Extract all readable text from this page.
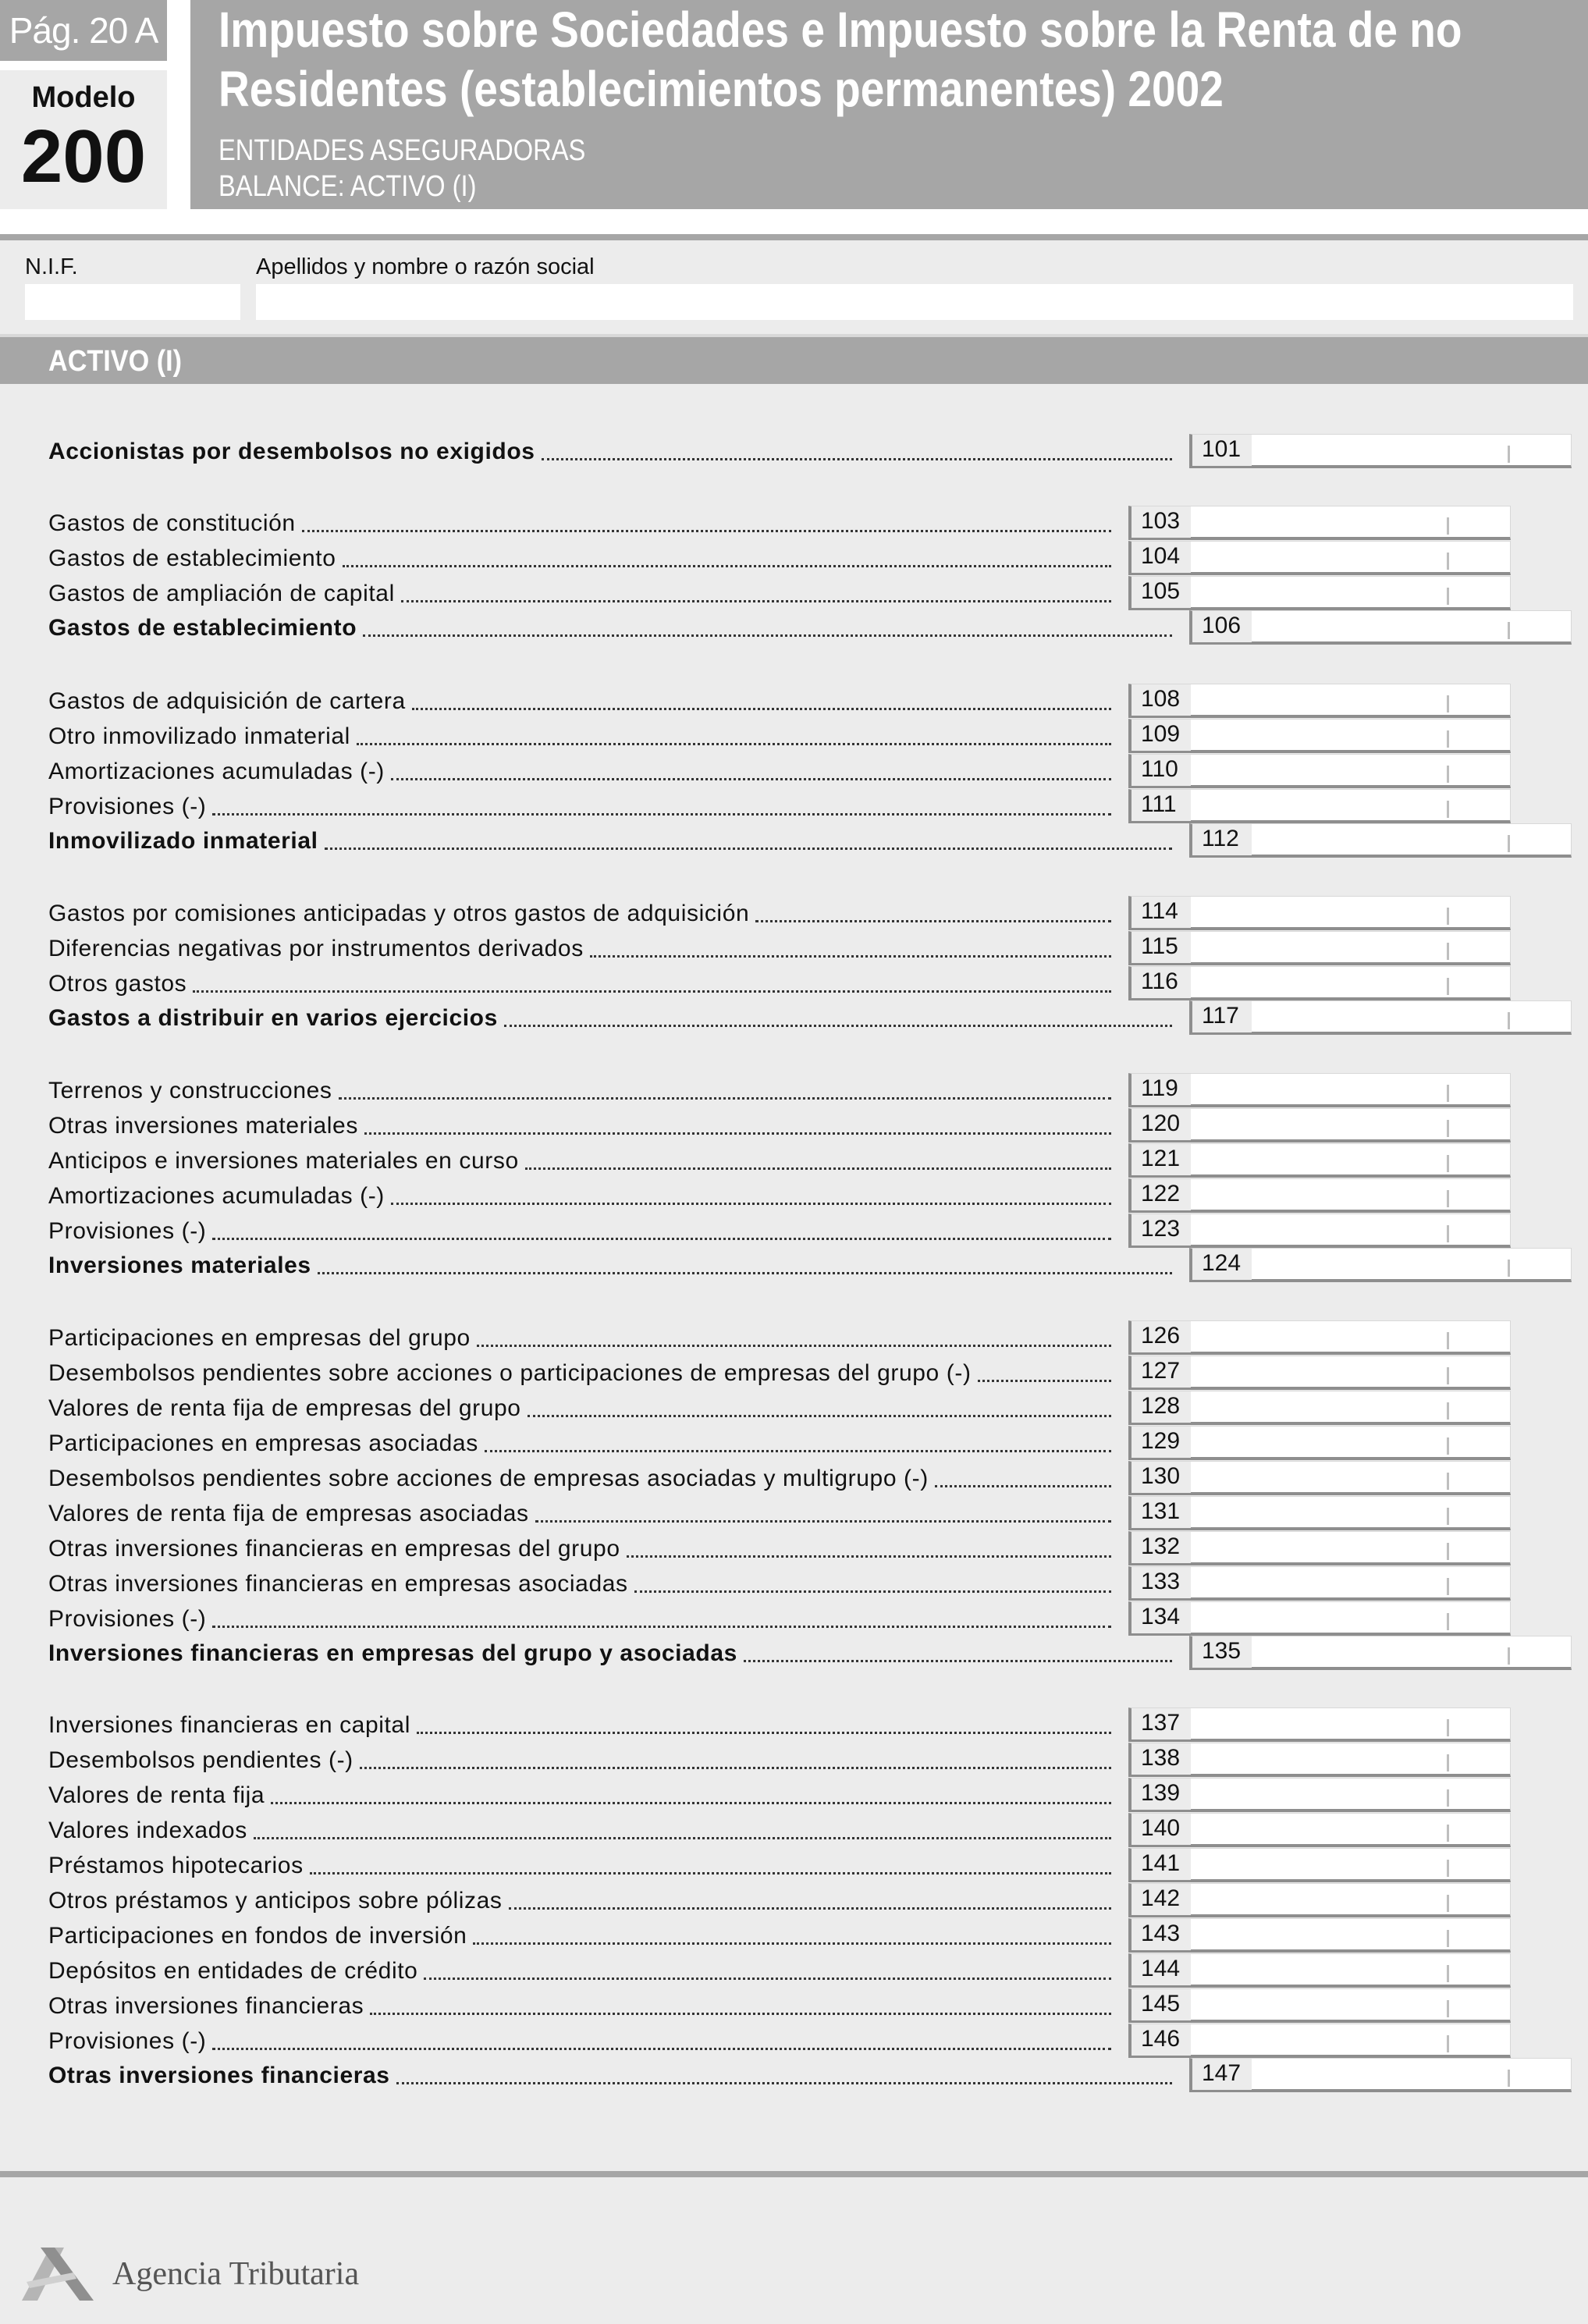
Pág. 20 A
Modelo
200
Impuesto sobre Sociedades e Impuesto sobre la Renta de no
Residentes (establecimientos permanentes) 2002
ENTIDADES ASEGURADORAS
BALANCE: ACTIVO (I)
N.I.F.	Apellidos y nombre o razón social
ACTIVO (I)
Accionistas por desembolsos no exigidos	101
Gastos de constitución	103
Gastos de establecimiento	104
Gastos de ampliación de capital	105
Gastos de establecimiento	106
Gastos de adquisición de cartera	108
Otro inmovilizado inmaterial	109
Amortizaciones acumuladas (-)	110
Provisiones (-)	111
Inmovilizado inmaterial	112
Gastos por comisiones anticipadas y otros gastos de adquisición	114
Diferencias negativas por instrumentos derivados	115
Otros gastos	116
Gastos a distribuir en varios ejercicios	117
Terrenos y construcciones	119
Otras inversiones materiales	120
Anticipos e inversiones materiales en curso	121
Amortizaciones acumuladas (-)	122
Provisiones (-)	123
Inversiones materiales	124
Participaciones en empresas del grupo	126
Desembolsos pendientes sobre acciones o participaciones de empresas del grupo (-)	127
Valores de renta fija de empresas del grupo	128
Participaciones en empresas asociadas	129
Desembolsos pendientes sobre acciones de empresas asociadas y multigrupo (-)	130
Valores de renta fija de empresas asociadas	131
Otras inversiones financieras en empresas del grupo	132
Otras inversiones financieras en empresas asociadas	133
Provisiones (-)	134
Inversiones financieras en empresas del grupo y asociadas	135
Inversiones financieras en capital	137
Desembolsos pendientes (-)	138
Valores de renta fija	139
Valores indexados	140
Préstamos hipotecarios	141
Otros préstamos y anticipos sobre pólizas	142
Participaciones en fondos de inversión	143
Depósitos en entidades de crédito	144
Otras inversiones financieras	145
Provisiones (-)	146
Otras inversiones financieras	147
Agencia Tributaria
